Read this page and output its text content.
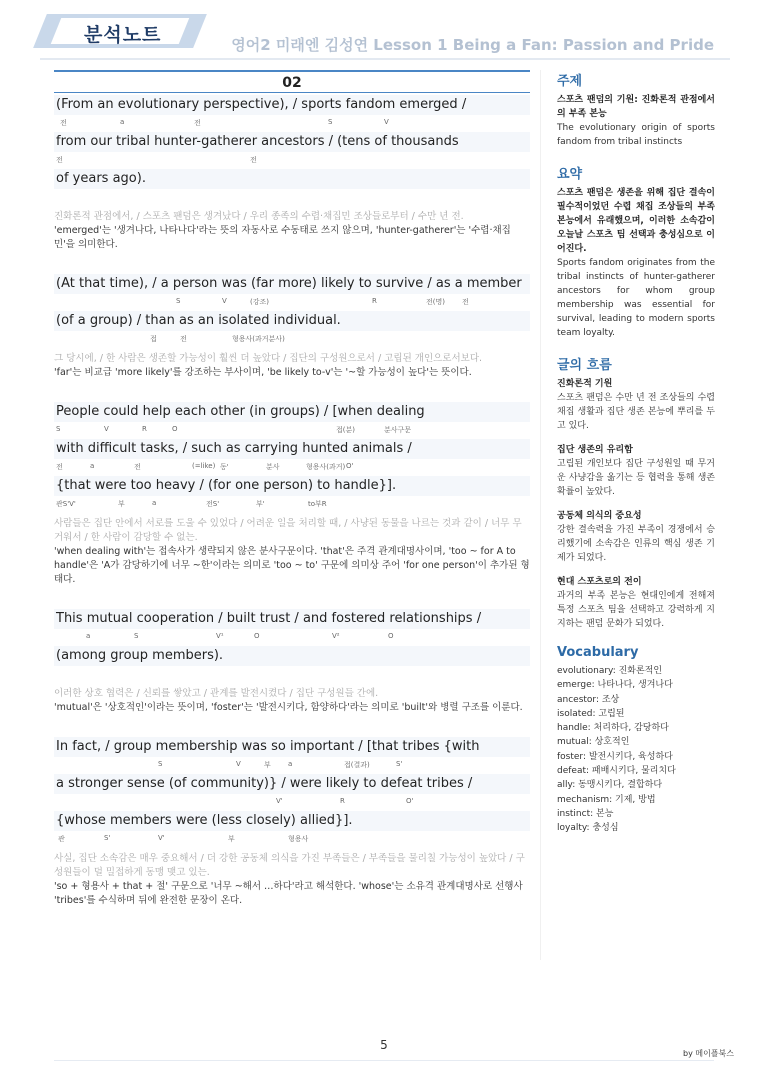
분석노트	영어2 미래엔 김성연 Lesson 1 Being a Fan: Passion and Pride
02
(From an evolutionary perspective), / sports fandom emerged /
전	a	전	S	V
from our tribal hunter-gatherer ancestors / (tens of thousands
전	전
of years ago).
진화론적 관점에서, / 스포츠 팬덤은 생겨났다 / 우리 종족의 수렵·채집민 조상들로부터 / 수만 년 전.
'emerged'는 '생겨나다, 나타나다'라는 뜻의 자동사로 수동태로 쓰지 않으며, 'hunter-gatherer'는 '수렵·채집민'을 의미한다.
(At that time), / a person was (far more) likely to survive / as a member
S	V	(강조)	R	전(명) 전
(of a group) / than as an isolated individual.
접	전	형용사(과거분사)
그 당시에, / 한 사람은 생존할 가능성이 훨씬 더 높았다 / 집단의 구성원으로서 / 고립된 개인으로서보다.
'far'는 비교급 'more likely'를 강조하는 부사이며, 'be likely to-v'는 '~할 가능성이 높다'는 뜻이다.
People could help each other (in groups) / [when dealing
S	V	R	O	접(분)	분사구문
with difficult tasks, / such as carrying hunted animals /
전	a	전	(=like) 동'	분사	형용사(과거) O'
{that were too heavy / (for one person) to handle}].
관S'V'	부	a	전S'	부'	to부R
사람들은 집단 안에서 서로를 도울 수 있었다 / 어려운 일을 처리할 때, / 사냥된 동물을 나르는 것과 같이 / 너무 무거워서 / 한 사람이 감당할 수 없는.
'when dealing with'는 접속사가 생략되지 않은 분사구문이다. 'that'은 주격 관계대명사이며, 'too ~ for A to handle'은 'A가 감당하기에 너무 ~한'이라는 의미로 'too ~ to' 구문에 의미상 주어 'for one person'이 추가된 형태다.
This mutual cooperation / built trust / and fostered relationships /
a	S	V¹	O	V²	O
(among group members).
이러한 상호 협력은 / 신뢰를 쌓았고 / 관계를 발전시켰다 / 집단 구성원들 간에.
'mutual'은 '상호적인'이라는 뜻이며, 'foster'는 '발전시키다, 함양하다'라는 의미로 'built'와 병렬 구조를 이룬다.
In fact, / group membership was so important / [that tribes {with
S	V	부 a	접(결과)	S'
a stronger sense (of community)} / were likely to defeat tribes /
V'	R	O'
{whose members were (less closely) allied}].
관	S'	V'	부	형용사
사실, 집단 소속감은 매우 중요해서 / 더 강한 공동체 의식을 가진 부족들은 / 부족들을 물리칠 가능성이 높았다 / 구성원들이 덜 밀접하게 동맹 맺고 있는.
'so + 형용사 + that + 절' 구문으로 '너무 ~해서 …하다'라고 해석한다. 'whose'는 소유격 관계대명사로 선행사 'tribes'를 수식하며 뒤에 완전한 문장이 온다.
주제
스포츠 팬덤의 기원: 진화론적 관점에서의 부족 본능
The evolutionary origin of sports fandom from tribal instincts
요약
스포츠 팬덤은 생존을 위해 집단 결속이 필수적이었던 수렵 채집 조상들의 부족 본능에서 유래했으며, 이러한 소속감이 오늘날 스포츠 팀 선택과 충성심으로 이어진다.
Sports fandom originates from the tribal instincts of hunter-gatherer ancestors for whom group membership was essential for survival, leading to modern sports team loyalty.
글의 흐름
진화론적 기원
스포츠 팬덤은 수만 년 전 조상들의 수렵 채집 생활과 집단 생존 본능에 뿌리를 두고 있다.
집단 생존의 유리함
고립된 개인보다 집단 구성원일 때 무거운 사냥감을 옮기는 등 협력을 통해 생존 확률이 높았다.
공동체 의식의 중요성
강한 결속력을 가진 부족이 경쟁에서 승리했기에 소속감은 인류의 핵심 생존 기제가 되었다.
현대 스포츠로의 전이
과거의 부족 본능은 현대인에게 전해져 특정 스포츠 팀을 선택하고 강력하게 지지하는 팬덤 문화가 되었다.
Vocabulary
evolutionary: 진화론적인
emerge: 나타나다, 생겨나다
ancestor: 조상
isolated: 고립된
handle: 처리하다, 감당하다
mutual: 상호적인
foster: 발전시키다, 육성하다
defeat: 패배시키다, 물리치다
ally: 동맹시키다, 결합하다
mechanism: 기제, 방법
instinct: 본능
loyalty: 충성심
5
by 메이플북스
